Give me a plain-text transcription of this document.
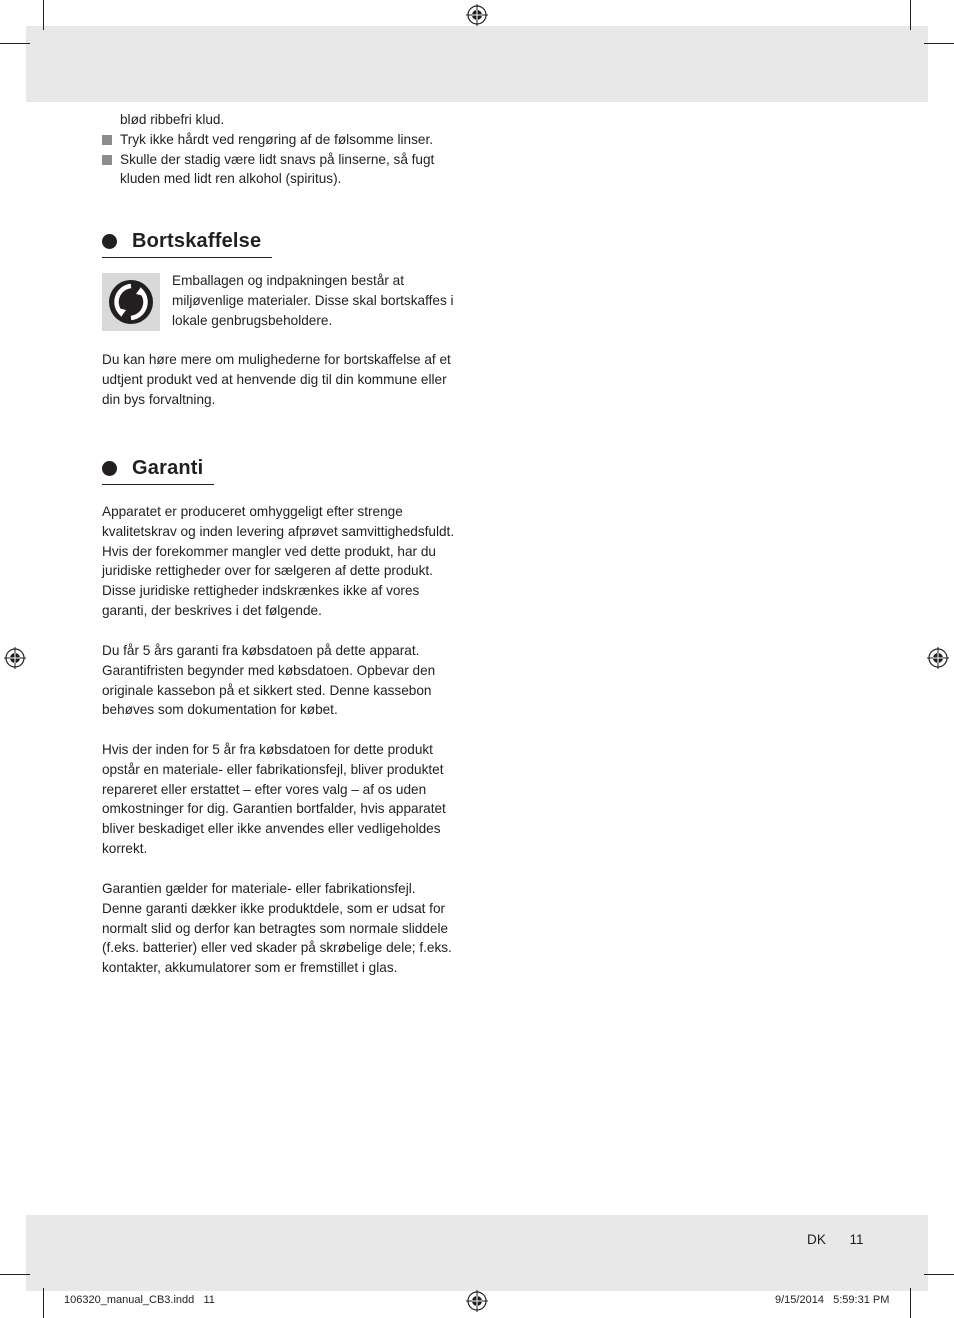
blød ribbefri klud.

Tryk ikke hårdt ved rengøring af de følsomme linser.

Skulle der stadig være lidt snavs på linserne, så fugt

kluden med lidt ren alkohol (spiritus).

Bortskaffelse

Emballagen og indpakningen består at

miljøvenlige materialer. Disse skal bortskaffes i

lokale genbrugsbeholdere.

Du kan høre mere om mulighederne for bortskaffelse af et

udtjent produkt ved at henvende dig til din kommune eller

din bys forvaltning.

Garanti

Apparatet er produceret omhyggeligt efter strenge

kvalitetskrav og inden levering afprøvet samvittighedsfuldt.

Hvis der forekommer mangler ved dette produkt, har du

juridiske rettigheder over for sælgeren af dette produkt.

Disse juridiske rettigheder indskrænkes ikke af vores

garanti, der beskrives i det følgende.

Du får 5 års garanti fra købsdatoen på dette apparat.

Garantifristen begynder med købsdatoen. Opbevar den

originale kassebon på et sikkert sted. Denne kassebon

behøves som dokumentation for købet.

Hvis der inden for 5 år fra købsdatoen for dette produkt

opstår en materiale- eller fabrikationsfejl, bliver produktet

repareret eller erstattet – efter vores valg – af os uden

omkostninger for dig. Garantien bortfalder, hvis apparatet

bliver beskadiget eller ikke anvendes eller vedligeholdes

korrekt.

Garantien gælder for materiale- eller fabrikationsfejl.

Denne garanti dækker ikke produktdele, som er udsat for

normalt slid og derfor kan betragtes som normale sliddele

(f.eks. batterier) eller ved skader på skrøbelige dele; f.eks.

kontakter, akkumulatorer som er fremstillet i glas.

DK 11
106320_manual_CB3.indd   11	9/15/2014   5:59:31 PM
